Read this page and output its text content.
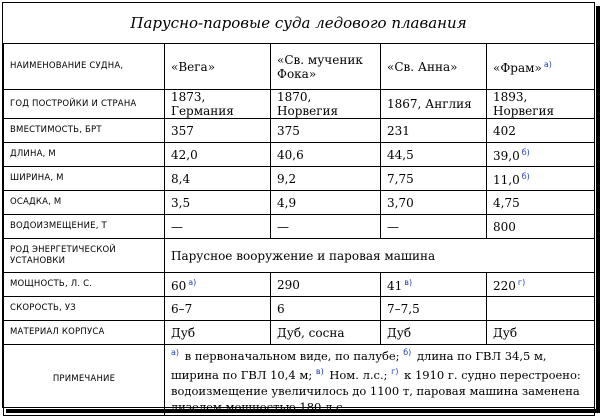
Парусно-паровые суда ледового плавания
НАИМЕНОВАНИЕ СУДНА,	«Вега»	«Св. мученик Фока»	«Св. Анна»	«Фрам» $^{а)}$
ГОД ПОСТРОЙКИ И СТРАНА	1873, Германия	1870, Норвегия	1867, Англия	1893, Норвегия
ВМЕСТИМОСТЬ, БРТ	357	375	231	402
ДЛИНА, М	42,0	40,6	44,5	39,0 $^{б)}$
ШИРИНА, М	8,4	9,2	7,75	11,0 $^{б)}$
ОСАДКА, М	3,5	4,9	3,70	4,75
ВОДОИЗМЕЩЕНИЕ, Т	—	—	—	800
РОД ЭНЕРГЕТИЧЕСКОЙ УСТАНОВКИ	Парусное вооружение и паровая машина			
МОЩНОСТЬ, Л. С.	60 $^{а)}$	290	41 $^{в)}$	220 $^{г)}$
СКОРОСТЬ, УЗ	6–7	6	7–7,5	
МАТЕРИАЛ КОРПУСА	Дуб	Дуб, сосна	Дуб	Дуб
ПРИМЕЧАНИЕ	$^{а)}$ в первоначальном виде, по палубе; $^{б)}$ длина по ГВЛ 34,5 м, ширина по ГВЛ 10,4 м; $^{в)}$ Ном. л.с.; $^{г)}$ к 1910 г. судно перестроено: водоизмещение увеличилось до 1100 т, паровая машина заменена дизелем мощностью 180 л.с.			
